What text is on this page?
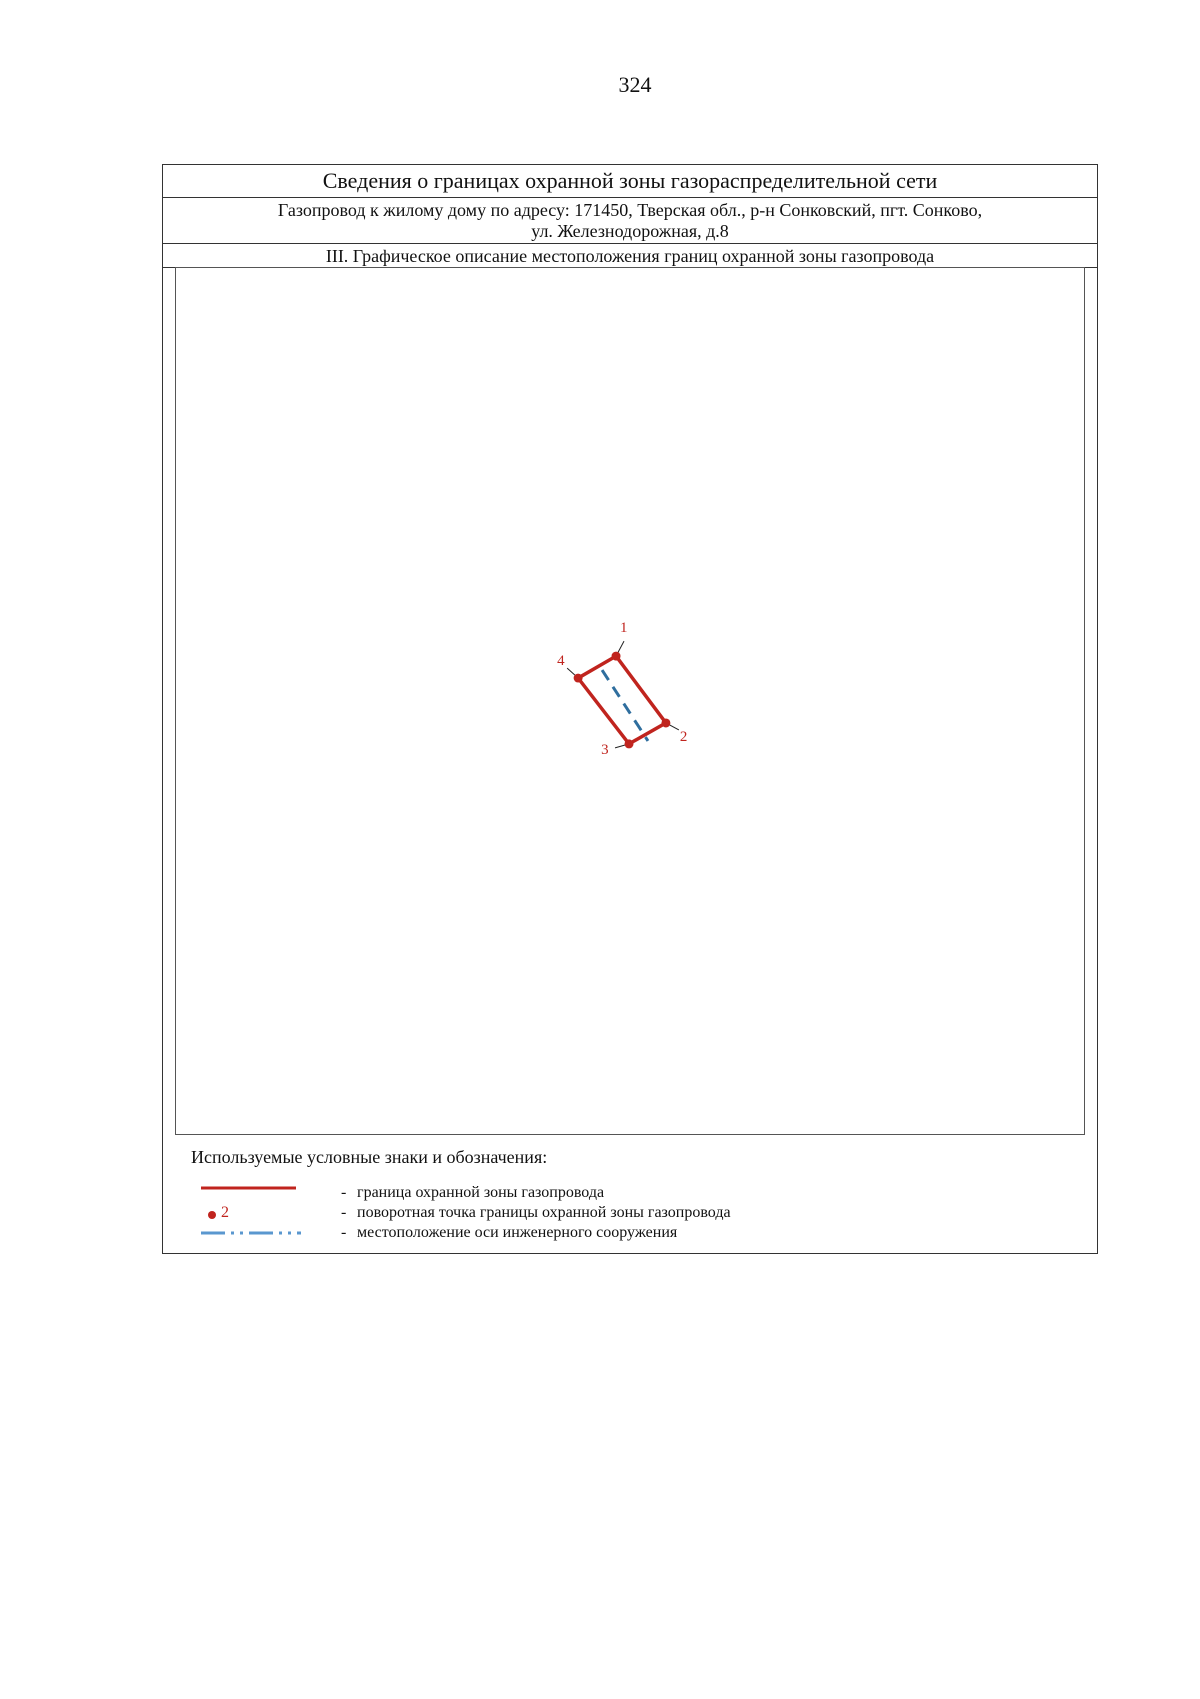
324
Сведения о границах охранной зоны газораспределительной сети
Газопровод к жилому дому по адресу: 171450, Тверская обл., р-н Сонковский, пгт. Сонково,
ул. Железнодорожная, д.8
III. Графическое описание местоположения границ охранной зоны газопровода
1
2
3
4
Используемые условные знаки и обозначения:
- граница охранной зоны газопровода
2	- поворотная точка границы охранной зоны газопровода
- местоположение оси инженерного сооружения
